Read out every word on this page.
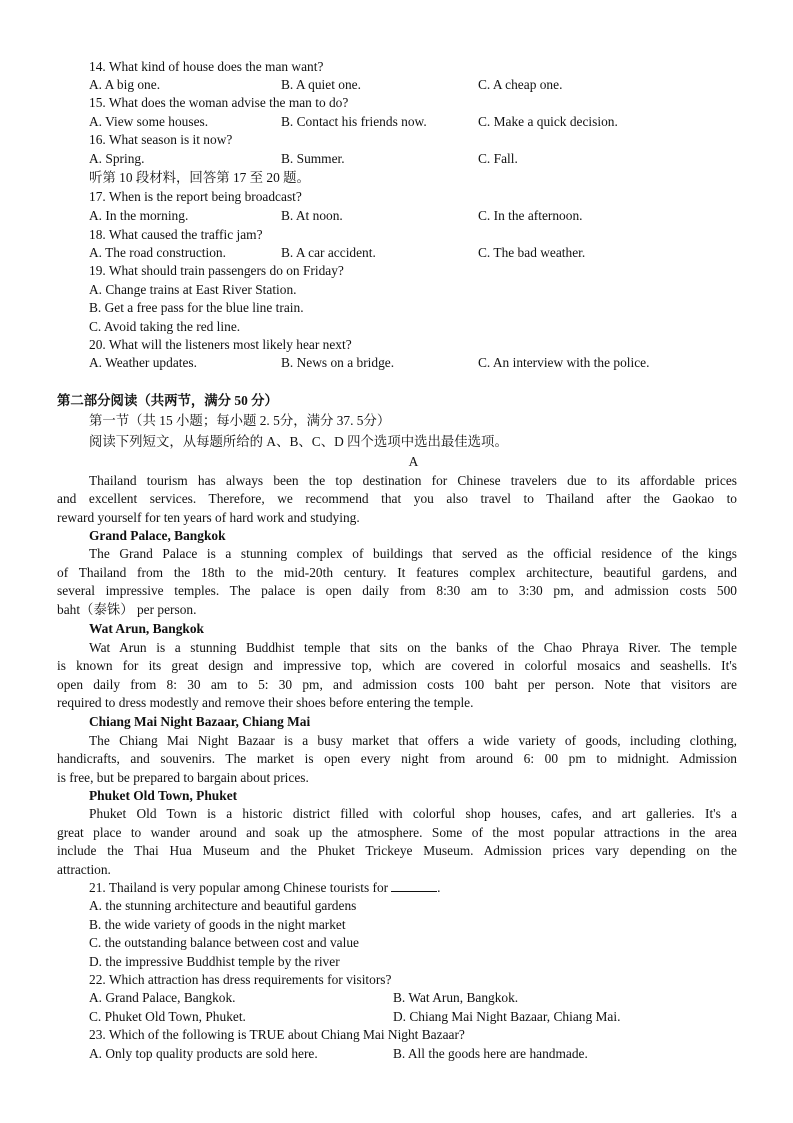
14. What kind of house does the man want?
A. A big one.	B. A quiet one.	C. A cheap one.
15. What does the woman advise the man to do?
A. View some houses.	B. Contact his friends now.	C. Make a quick decision.
16. What season is it now?
A. Spring.	B. Summer.	C. Fall.
听第 10 段材料，回答第 17 至 20 题。
17. When is the report being broadcast?
A. In the morning.	B. At noon.	C. In the afternoon.
18. What caused the traffic jam?
A. The road construction.	B. A car accident.	C. The bad weather.
19. What should train passengers do on Friday?
A. Change trains at East River Station.
B. Get a free pass for the blue line train.
C. Avoid taking the red line.
20. What will the listeners most likely hear next?
A. Weather updates.	B. News on a bridge.	C. An interview with the police.
第二部分阅读（共两节，满分 50 分）
第一节（共 15 小题；每小题 2. 5分，满分 37. 5分）
阅读下列短文，从每题所给的 A、B、C、D 四个选项中选出最佳选项。
A
Thailand tourism has always been the top destination for Chinese travelers due to its affordable prices
and excellent services. Therefore, we recommend that you also travel to Thailand after the Gaokao to
reward yourself for ten years of hard work and studying.
Grand Palace, Bangkok
The Grand Palace is a stunning complex of buildings that served as the official residence of the kings
of Thailand from the 18th to the mid-20th century. It features complex architecture, beautiful gardens, and
several impressive temples. The palace is open daily from 8:30 am to 3:30 pm, and admission costs 500
baht（泰铢） per person.
Wat Arun, Bangkok
Wat Arun is a stunning Buddhist temple that sits on the banks of the Chao Phraya River. The temple
is known for its great design and impressive top, which are covered in colorful mosaics and seashells. It's
open daily from 8: 30 am to 5: 30 pm, and admission costs 100 baht per person. Note that visitors are
required to dress modestly and remove their shoes before entering the temple.
Chiang Mai Night Bazaar, Chiang Mai
The Chiang Mai Night Bazaar is a busy market that offers a wide variety of goods, including clothing,
handicrafts, and souvenirs. The market is open every night from around 6: 00 pm to midnight. Admission
is free, but be prepared to bargain about prices.
Phuket Old Town, Phuket
Phuket Old Town is a historic district filled with colorful shop houses, cafes, and art galleries. It's a
great place to wander around and soak up the atmosphere. Some of the most popular attractions in the area
include the Thai Hua Museum and the Phuket Trickeye Museum. Admission prices vary depending on the
attraction.
21. Thailand is very popular among Chinese tourists for	.
A. the stunning architecture and beautiful gardens
B. the wide variety of goods in the night market
C. the outstanding balance between cost and value
D. the impressive Buddhist temple by the river
22. Which attraction has dress requirements for visitors?
A. Grand Palace, Bangkok.	B. Wat Arun, Bangkok.
C. Phuket Old Town, Phuket.	D. Chiang Mai Night Bazaar, Chiang Mai.
23. Which of the following is TRUE about Chiang Mai Night Bazaar?
A. Only top quality products are sold here.	B. All the goods here are handmade.
